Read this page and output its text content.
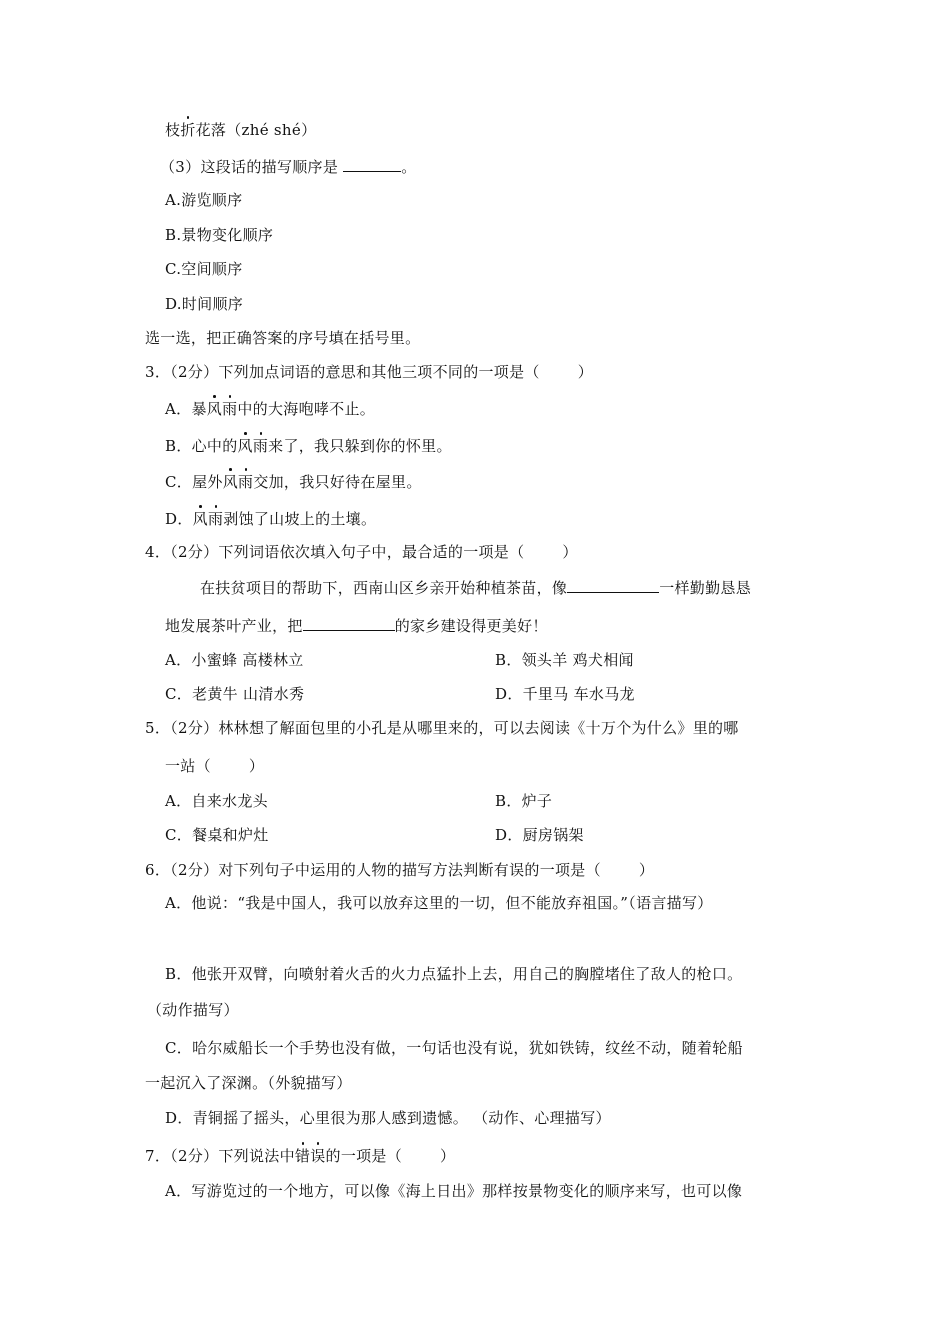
枝折花落（zhé shé）
（3）这段话的描写顺序是	。
A.游览顺序
B.景物变化顺序
C.空间顺序
D.时间顺序
选一选，把正确答案的序号填在括号里。
3．（2分）下列加点词语的意思和其他三项不同的一项是（	）
A．暴风雨中的大海咆哮不止。
B．心中的风雨来了，我只躲到你的怀里。
C．屋外风雨交加，我只好待在屋里。
D．风雨剥蚀了山坡上的土壤。
4．（2分）下列词语依次填入句子中，最合适的一项是（	）
在扶贫项目的帮助下，西南山区乡亲开始种植茶苗，像	一样勤勤恳恳
地发展茶叶产业，把	的家乡建设得更美好！
A．小蜜蜂 高楼林立	B．领头羊 鸡犬相闻
C．老黄牛 山清水秀	D．千里马 车水马龙
5．（2分）林林想了解面包里的小孔是从哪里来的，可以去阅读《十万个为什么》里的哪
一站（	）
A．自来水龙头	B．炉子
C．餐桌和炉灶	D．厨房锅架
6．（2分）对下列句子中运用的人物的描写方法判断有误的一项是（	）
A．他说：“我是中国人，我可以放弃这里的一切，但不能放弃祖国。”（语言描写）
B．他张开双臂，向喷射着火舌的火力点猛扑上去，用自己的胸膛堵住了敌人的枪口。
（动作描写）
C．哈尔威船长一个手势也没有做，一句话也没有说，犹如铁铸，纹丝不动，随着轮船
一起沉入了深渊。（外貌描写）
D．青铜摇了摇头，心里很为那人感到遗憾。 （动作、心理描写）
7．（2分）下列说法中错误的一项是（	）
A．写游览过的一个地方，可以像《海上日出》那样按景物变化的顺序来写，也可以像
